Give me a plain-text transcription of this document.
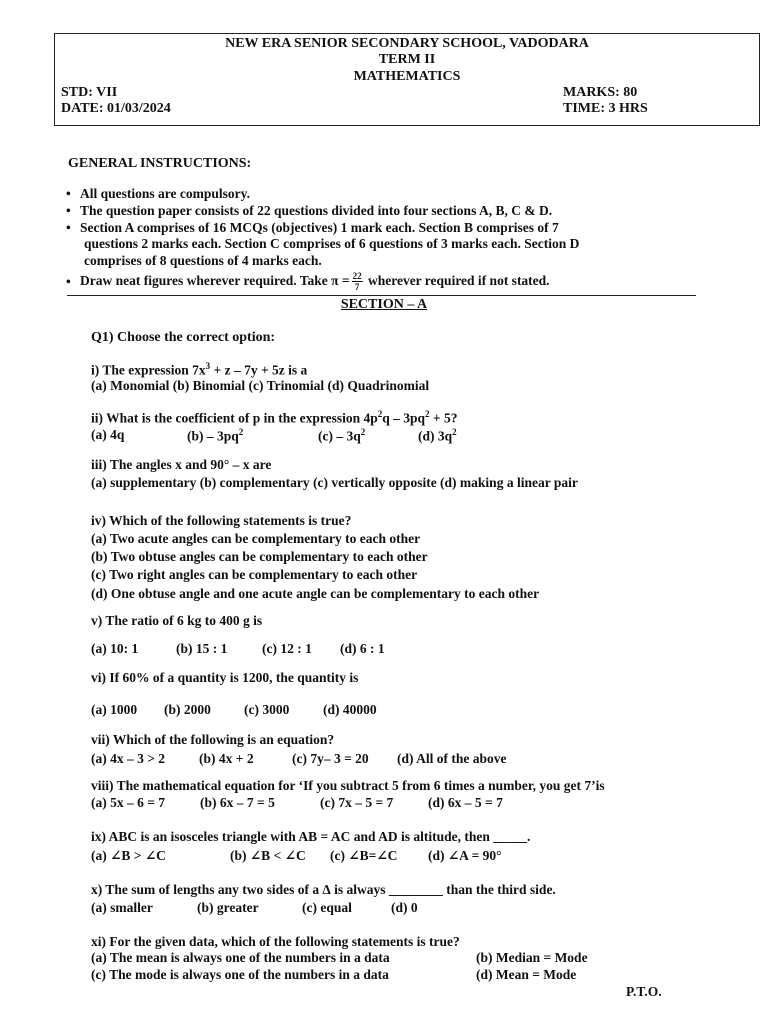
NEW ERA SENIOR SECONDARY SCHOOL, VADODARA
TERM II
MATHEMATICS
STD: VII	MARKS: 80
DATE: 01/03/2024	TIME: 3 HRS
GENERAL INSTRUCTIONS:
• All questions are compulsory.
• The question paper consists of 22 questions divided into four sections A, B, C & D.
• Section A comprises of 16 MCQs (objectives) 1 mark each. Section B comprises of 7
questions 2 marks each. Section C comprises of 6 questions of 3 marks each. Section D
comprises of 8 questions of 4 marks each.
• Draw neat figures wherever required. Take $\pi = \frac{22}{7}$ wherever required if not stated.
SECTION – A
Q1) Choose the correct option:
i) The expression $7x^3 + z - 7y + 5z$ is a
(a) Monomial (b) Binomial (c) Trinomial (d) Quadrinomial
ii) What is the coefficient of p in the expression $4p^2q - 3pq^2 + 5$?
(a) 4q	$(b) - 3pq^2$	$(c) - 3q^2$	(d) $3q^2$
iii) The angles x and 90° – x are
(a) supplementary (b) complementary (c) vertically opposite (d) making a linear pair
iv) Which of the following statements is true?
(a) Two acute angles can be complementary to each other
(b) Two obtuse angles can be complementary to each other
(c) Two right angles can be complementary to each other
(d) One obtuse angle and one acute angle can be complementary to each other
v) The ratio of 6 kg to 400 g is
(a) 10: 1	(b) 15 : 1	(c) 12 : 1 (d) 6 : 1
vi) If 60% of a quantity is 1200, the quantity is
(a) 1000 (b) 2000 (c) 3000 (d) 40000
vii) Which of the following is an equation?
(a) 4x – 3 > 2	(b) 4x + 2	(c) 7y– 3 = 20 (d) All of the above
viii) The mathematical equation for ‘If you subtract 5 from 6 times a number, you get 7’is
(a) 5x – 6 = 7	(b) 6x – 7 = 5	(c) 7x – 5 = 7	(d) 6x – 5 = 7
ix) ABC is an isosceles triangle with AB = AC and AD is altitude, then _____.
(a) ∠B > ∠C	(b) ∠B < ∠C (c) ∠B=∠C (d) ∠A = 90°
x) The sum of lengths any two sides of a ∆ is always ________ than the third side.
(a) smaller	(b) greater	(c) equal	(d) 0
xi) For the given data, which of the following statements is true?
(a) The mean is always one of the numbers in a data	(b) Median = Mode
(c) The mode is always one of the numbers in a data	(d) Mean = Mode
P.T.O.
